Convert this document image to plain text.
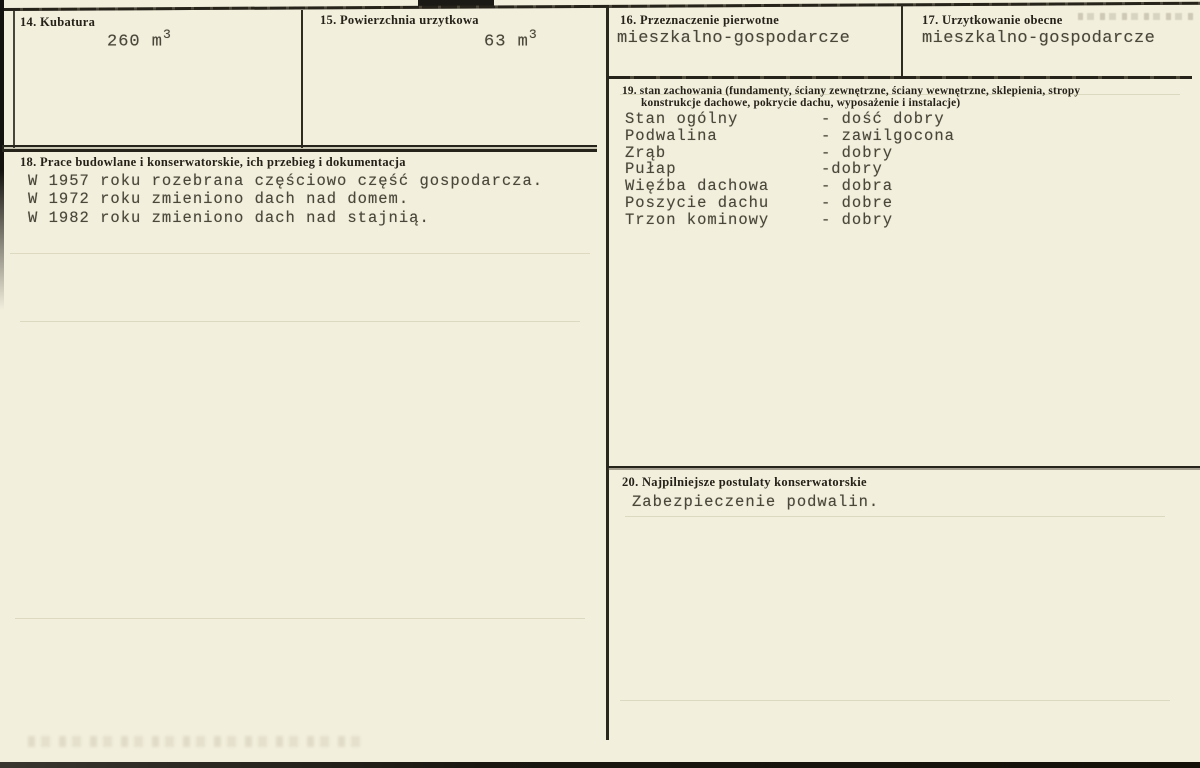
14. Kubatura
260 $m^3$
15. Powierzchnia urzytkowa
63 $m^3$
16. Przeznaczenie pierwotne
mieszkalno-gospodarcze
17. Urzytkowanie obecne
mieszkalno-gospodarcze
18. Prace budowlane i konserwatorskie, ich przebieg i dokumentacja
W 1957 roku rozebrana częściowo część gospodarcza.
W 1972 roku zmieniono dach nad domem.
W 1982 roku zmieniono dach nad stajnią.
19. stan zachowania (fundamenty, ściany zewnętrzne, ściany wewnętrzne, sklepienia, stropy
konstrukcje dachowe, pokrycie dachu, wyposażenie i instalacje)
Stan ogólny	- dość dobry
Podwalina	- zawilgocona
Zrąb	- dobry
Pułap	-dobry
Więźba dachowa	- dobra
Poszycie dachu	- dobre
Trzon kominowy	- dobry
20. Najpilniejsze postulaty konserwatorskie
Zabezpieczenie podwalin.
